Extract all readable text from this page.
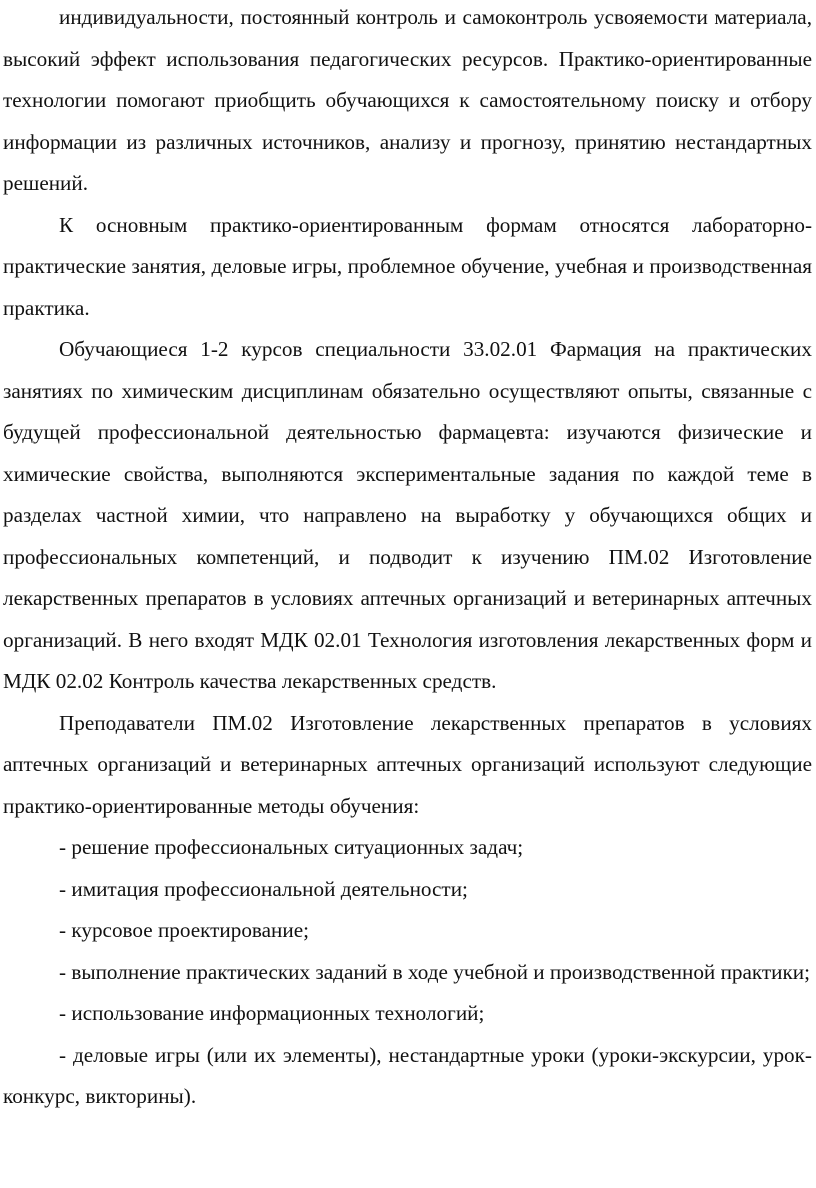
индивидуальности, постоянный контроль и самоконтроль усвояемости материала, высокий эффект использования педагогических ресурсов. Практико-ориентированные технологии помогают приобщить обучающихся к самостоятельному поиску и отбору информации из различных источников, анализу и прогнозу, принятию нестандартных решений.

К основным практико-ориентированным формам относятся лабораторно-практические занятия, деловые игры, проблемное обучение, учебная и производственная практика.

Обучающиеся 1-2 курсов специальности 33.02.01 Фармация на практических занятиях по химическим дисциплинам обязательно осуществляют опыты, связанные с будущей профессиональной деятельностью фармацевта: изучаются физические и химические свойства, выполняются экспериментальные задания по каждой теме в разделах частной химии, что направлено на выработку у обучающихся общих и профессиональных компетенций, и подводит к изучению ПМ.02 Изготовление лекарственных препаратов в условиях аптечных организаций и ветеринарных аптечных организаций. В него входят МДК 02.01 Технология изготовления лекарственных форм и МДК 02.02 Контроль качества лекарственных средств.

Преподаватели ПМ.02 Изготовление лекарственных препаратов в условиях аптечных организаций и ветеринарных аптечных организаций используют следующие практико-ориентированные методы обучения:

- решение профессиональных ситуационных задач;

- имитация профессиональной деятельности;

- курсовое проектирование;

- выполнение практических заданий в ходе учебной и производственной практики;

- использование информационных технологий;

- деловые игры (или их элементы), нестандартные уроки (уроки-экскурсии, урок-конкурс, викторины).
